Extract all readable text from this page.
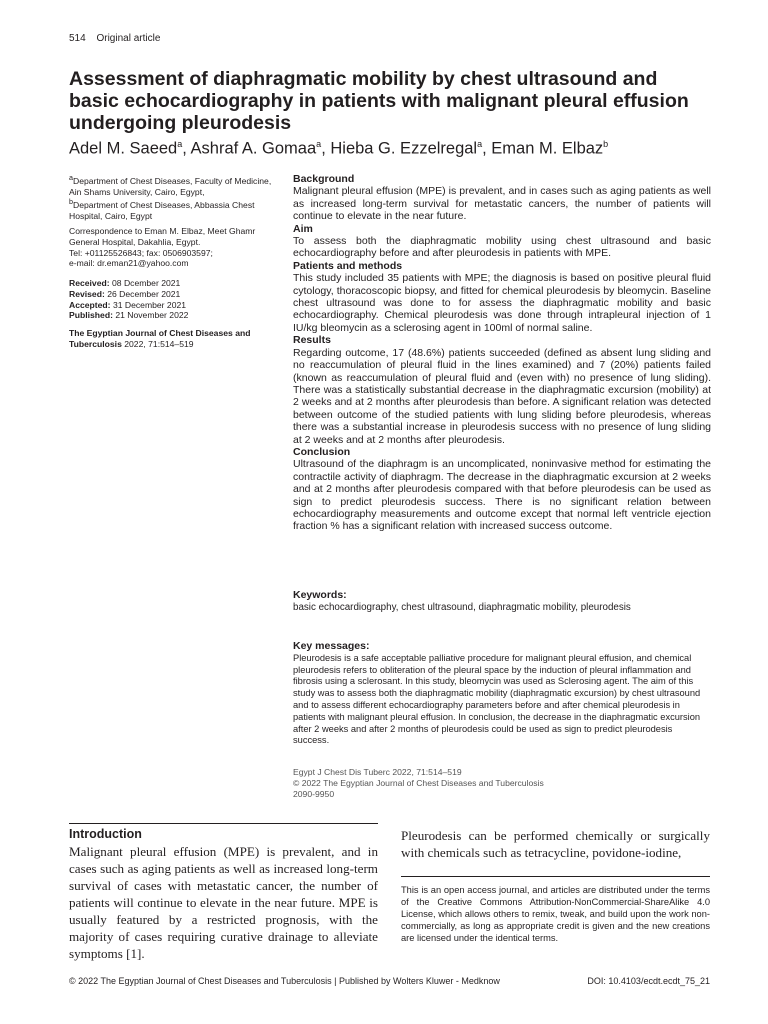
514 Original article
Assessment of diaphragmatic mobility by chest ultrasound and basic echocardiography in patients with malignant pleural effusion undergoing pleurodesis
Adel M. Saeed$^a$, Ashraf A. Gomaa$^a$, Hieba G. Ezzelregal$^a$, Eman M. Elbaz$^b$

$^a$Department of Chest Diseases, Faculty of Medicine, Ain Shams University, Cairo, Egypt,

$^b$Department of Chest Diseases, Abbassia Chest Hospital, Cairo, Egypt

Correspondence to Eman M. Elbaz, Meet Ghamr General Hospital, Dakahlia, Egypt.

Tel: +01125526843; fax: 0506903597;

e-mail: dr.eman21@yahoo.com

Received: 08 Dcember 2021

Revised: 26 December 2021

Accepted: 31 December 2021

Published: 21 November 2022

The Egyptian Journal of Chest Diseases and Tuberculosis 2022, 71:514–519

Background

Malignant pleural effusion (MPE) is prevalent, and in cases such as aging patients as well as increased long-term survival for metastatic cancers, the number of patients will continue to elevate in the near future.

Aim

To assess both the diaphragmatic mobility using chest ultrasound and basic echocardiography before and after pleurodesis in patients with MPE.

Patients and methods

This study included 35 patients with MPE; the diagnosis is based on positive pleural fluid cytology, thoracoscopic biopsy, and fitted for chemical pleurodesis by bleomycin. Baseline chest ultrasound was done to for assess the diaphragmatic mobility and basic echocardiography. Chemical pleurodesis was done through intrapleural injection of 1 IU/kg bleomycin as a sclerosing agent in 100ml of normal saline.

Results

Regarding outcome, 17 (48.6%) patients succeeded (defined as absent lung sliding and no reaccumulation of pleural fluid in the lines examined) and 7 (20%) patients failed (known as reaccumulation of pleural fluid and (even with) no presence of lung sliding). There was a statistically substantial decrease in the diaphragmatic excursion (mobility) at 2 weeks and at 2 months after pleurodesis than before. A significant relation was detected between outcome of the studied patients with lung sliding before pleurodesis, whereas there was a substantial increase in pleurodesis success with no presence of lung sliding at 2 weeks and at 2 months after pleurodesis.

Conclusion

Ultrasound of the diaphragm is an uncomplicated, noninvasive method for estimating the contractile activity of diaphragm. The decrease in the diaphragmatic excursion at 2 weeks and at 2 months after pleurodesis compared with that before pleurodesis can be used as sign to predict pleurodesis success. There is no significant relation between echocardiography measurements and outcome except that normal left ventricle ejection fraction % has a significant relation with increased success outcome.

Keywords:

basic echocardiography, chest ultrasound, diaphragmatic mobility, pleurodesis

Key messages:

Pleurodesis is a safe acceptable palliative procedure for malignant pleural effusion, and chemical pleurodesis refers to obliteration of the pleural space by the induction of pleural inflammation and fibrosis using a sclerosant. In this study, bleomycin was used as Sclerosing agent. The aim of this study was to assess both the diaphragmatic mobility (diaphragmatic excursion) by chest ultrasound and to assess different echocardiography parameters before and after chemical pleurodesis in patients with malignant pleural effusion. In conclusion, the decrease in the diaphragmatic excursion after 2 weeks and after 2 months of pleurodesis could be used as sign to predict pleurodesis success.

Egypt J Chest Dis Tuberc 2022, 71:514–519

© 2022 The Egyptian Journal of Chest Diseases and Tuberculosis

2090-9950

Introduction

Malignant pleural effusion (MPE) is prevalent, and in cases such as aging patients as well as increased long-term survival of cases with metastatic cancer, the number of patients will continue to elevate in the near future. MPE is usually featured by a restricted prognosis, with the majority of cases requiring curative drainage to alleviate symptoms [1].

Pleurodesis can be performed chemically or surgically with chemicals such as tetracycline, povidone-iodine,

This is an open access journal, and articles are distributed under the terms of the Creative Commons Attribution-NonCommercial-ShareAlike 4.0 License, which allows others to remix, tweak, and build upon the work non-commercially, as long as appropriate credit is given and the new creations are licensed under the identical terms.

© 2022 The Egyptian Journal of Chest Diseases and Tuberculosis | Published by Wolters Kluwer - Medknow	DOI: 10.4103/ecdt.ecdt_75_21
